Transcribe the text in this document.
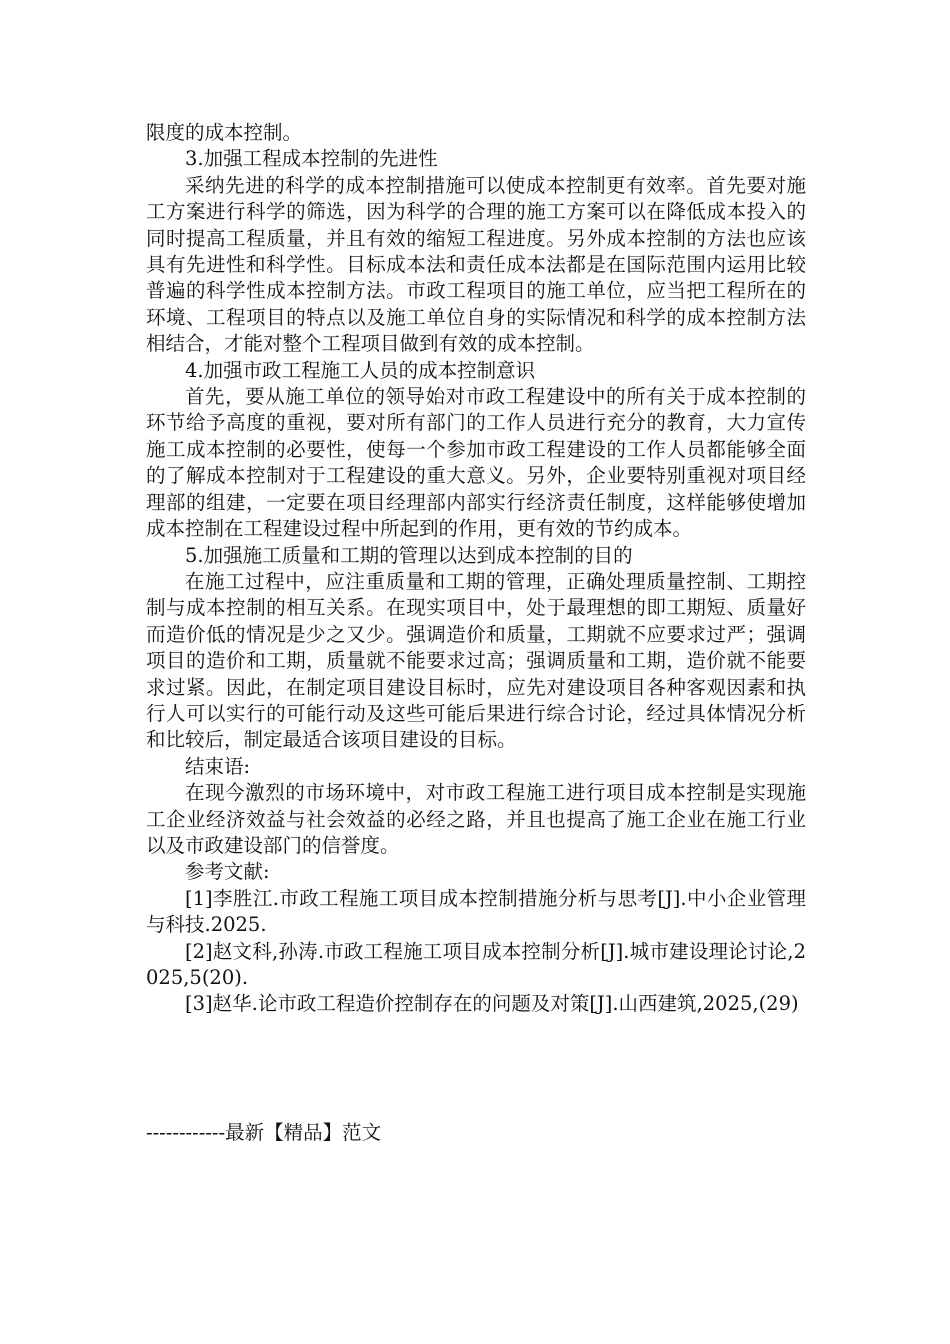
限度的成本控制。

3.加强工程成本控制的先进性

采纳先进的科学的成本控制措施可以使成本控制更有效率。首先要对施工方案进行科学的筛选，因为科学的合理的施工方案可以在降低成本投入的同时提高工程质量，并且有效的缩短工程进度。另外成本控制的方法也应该具有先进性和科学性。目标成本法和责任成本法都是在国际范围内运用比较普遍的科学性成本控制方法。市政工程项目的施工单位，应当把工程所在的环境、工程项目的特点以及施工单位自身的实际情况和科学的成本控制方法相结合，才能对整个工程项目做到有效的成本控制。

4.加强市政工程施工人员的成本控制意识

首先，要从施工单位的领导始对市政工程建设中的所有关于成本控制的环节给予高度的重视，要对所有部门的工作人员进行充分的教育，大力宣传施工成本控制的必要性，使每一个参加市政工程建设的工作人员都能够全面的了解成本控制对于工程建设的重大意义。另外，企业要特别重视对项目经理部的组建，一定要在项目经理部内部实行经济责任制度，这样能够使增加成本控制在工程建设过程中所起到的作用，更有效的节约成本。

5.加强施工质量和工期的管理以达到成本控制的目的

在施工过程中，应注重质量和工期的管理，正确处理质量控制、工期控制与成本控制的相互关系。在现实项目中，处于最理想的即工期短、质量好而造价低的情况是少之又少。强调造价和质量，工期就不应要求过严；强调项目的造价和工期，质量就不能要求过高；强调质量和工期，造价就不能要求过紧。因此，在制定项目建设目标时，应先对建设项目各种客观因素和执行人可以实行的可能行动及这些可能后果进行综合讨论，经过具体情况分析和比较后，制定最适合该项目建设的目标。

结束语:

在现今激烈的市场环境中，对市政工程施工进行项目成本控制是实现施工企业经济效益与社会效益的必经之路，并且也提高了施工企业在施工行业以及市政建设部门的信誉度。

参考文献:

[1]李胜江.市政工程施工项目成本控制措施分析与思考[J].中小企业管理与科技.2025.

[2]赵文科,孙涛.市政工程施工项目成本控制分析[J].城市建设理论讨论,2025,5(20).

[3]赵华.论市政工程造价控制存在的问题及对策[J].山西建筑,2025,(29)

------------最新【精品】范文
